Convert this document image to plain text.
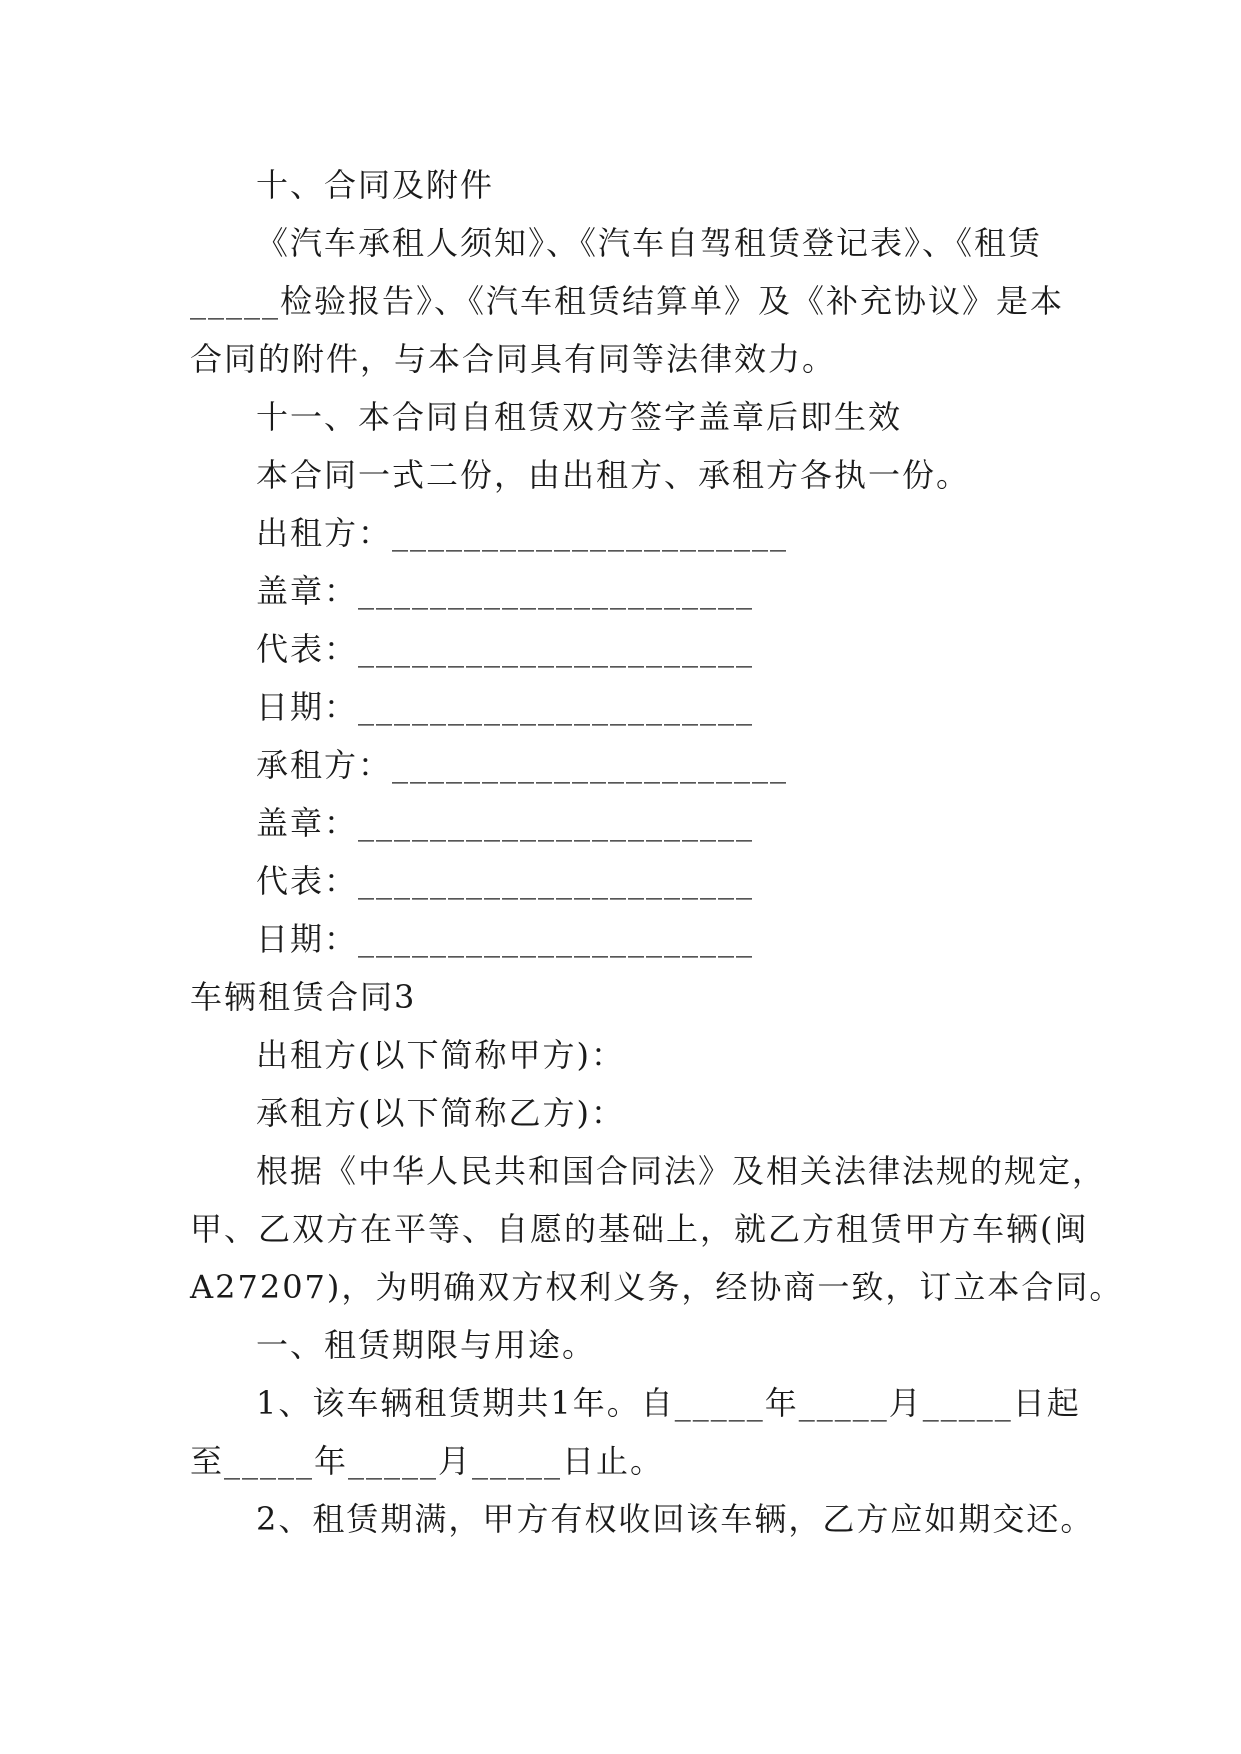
十、合同及附件
《汽车承租人须知》、《汽车自驾租赁登记表》、《租赁
_____检验报告》、《汽车租赁结算单》及《补充协议》是本
合同的附件，与本合同具有同等法律效力。
十一、本合同自租赁双方签字盖章后即生效
本合同一式二份，由出租方、承租方各执一份。
出租方：______________________
盖章：______________________
代表：______________________
日期：______________________
承租方：______________________
盖章：______________________
代表：______________________
日期：______________________
车辆租赁合同3
出租方(以下简称甲方)：
承租方(以下简称乙方)：
根据《中华人民共和国合同法》及相关法律法规的规定，
甲、乙双方在平等、自愿的基础上，就乙方租赁甲方车辆(闽
A27207)，为明确双方权利义务，经协商一致，订立本合同。
一、租赁期限与用途。
1、该车辆租赁期共1年。自_____年_____月_____日起
至_____年_____月_____日止。
2、租赁期满，甲方有权收回该车辆，乙方应如期交还。
